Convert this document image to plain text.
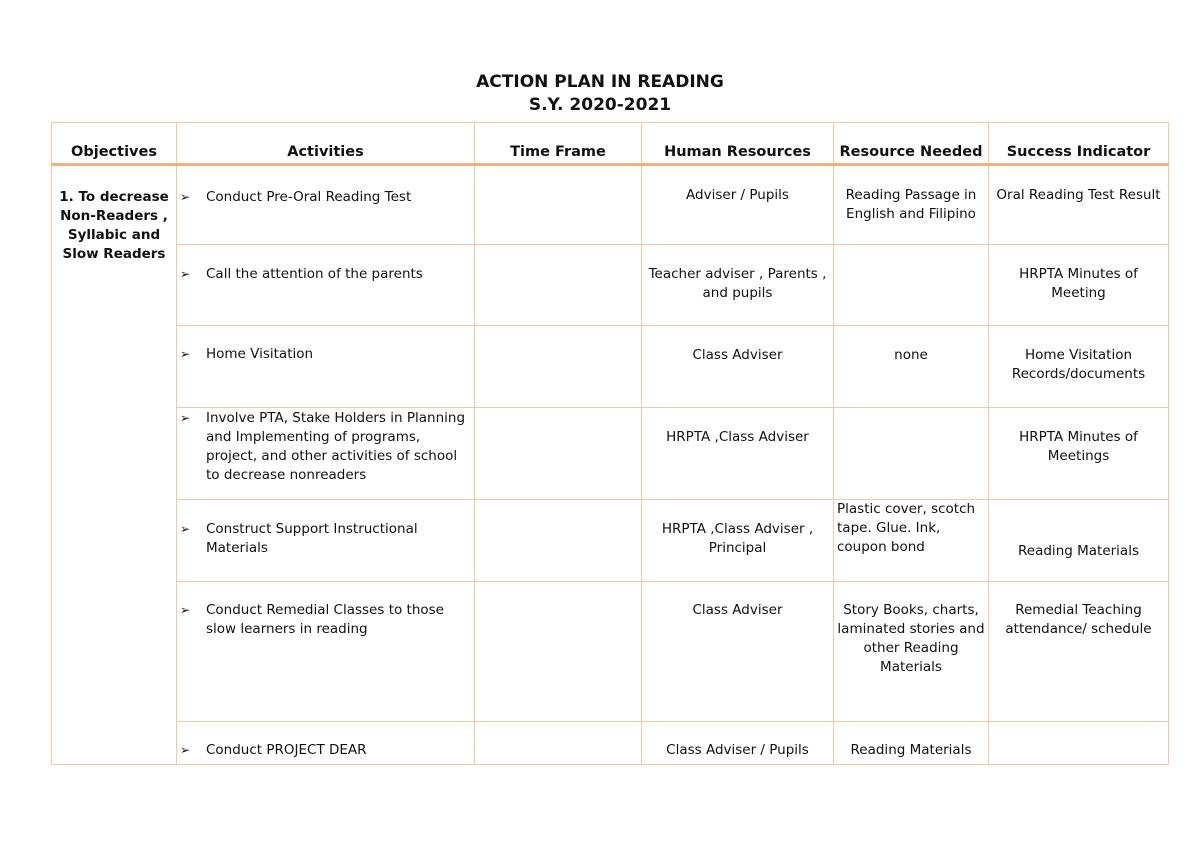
ACTION PLAN IN READING
S.Y. 2020-2021
Objectives	Activities	Time Frame	Human Resources	Resource Needed	Success Indicator
1. To decrease Non-Readers , Syllabic and Slow Readers	➢ Conduct Pre-Oral Reading Test		Adviser / Pupils	Reading Passage in English and Filipino	Oral Reading Test Result

	➢ Call the attention of the parents		Teacher adviser , Parents , and pupils		HRPTA Minutes of Meeting

	➢ Home Visitation		Class Adviser	none	Home Visitation Records/documents

	➢ Involve PTA, Stake Holders in Planning and Implementing of programs, project, and other activities of school to decrease nonreaders		HRPTA ,Class Adviser		HRPTA Minutes of Meetings

	➢ Construct Support Instructional Materials		HRPTA ,Class Adviser , Principal	Plastic cover, scotch tape. Glue. Ink, coupon bond	Reading Materials

	➢ Conduct Remedial Classes to those slow learners in reading		Class Adviser	Story Books, charts, laminated stories and other Reading Materials	Remedial Teaching attendance/ schedule

	➢ Conduct PROJECT DEAR		Class Adviser / Pupils	Reading Materials	
